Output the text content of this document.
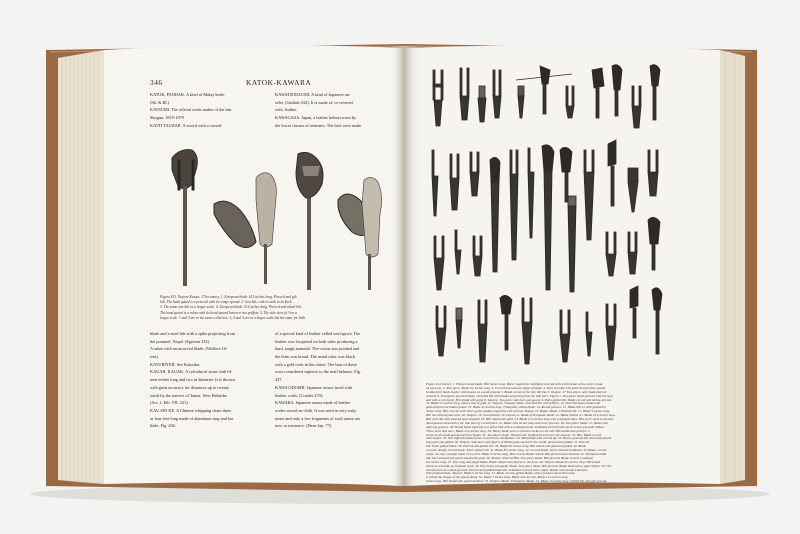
346	KATOK-KAWARA
KATOK, PANDAK. A kind of Malay knife.
(Sk. & Bl.).
KATSUMI. The official mobs maker of the last
Shogun, 1819-1879.
KATTI TALWAR. A sword with a curved
KAWATSUDZUMI. A kind of Japanese an-
selet. (Garbutt 042). It is made of, or covered
with, leather.
KAWAGASA. Japan, a leather helmet worn by
the lower classes of retainers. The best were made
Figure 433. Tanjore Katars, 17th century. 1. European blade 14.5 inches long. Pierced and gilt
hilt. The hand guard is a peacock with its wings spread. 2. Iron hilt, cobra's tails in its knob.
3. The same size hilt as a larger scale. 4. European blade 13.4 inches long. Pierced and inlaid hilt.
The hand guard is a cobra with its hood spread between two griffins. 5. The side view of 3 on a
larger scale. 1 and 3 are in the same collection. 2, 4 and 5 are in a larger scale but the same for both.
blade and a steel hilt with a spike projecting from
the pommel, Nepal. (Egerton 334).
A sabre with an incurved blade. (Wallace Or-
ient).
KATURIYEH. See Katorika.
KAUAH, KAUAK. A cylindrical stone club fif-
teen inches long and two in diameter. It is thrown
with great accuracy for distances up to twenty
yards by the natives of Tanna, New Hebrides
(Arc. f. Eth. VII, 231).
KAU SIN KE. A Chinese whipping chain three
or four feet long made of aluminum ring and bar
links. Fig. 436.
of a special kind of leather called sawi-gawa. The
leather was lacquered on both sides producing a
hard, tough material. The crown was pointed and
the brim was broad. The usual color was black
with a gold crest in the center. The best of these
were considered superior to the mail helmets. Fig.
437.
KAWA ODOSHI. Japanese armor laced with
leather cords. (Conder 270).
KAWARA. Japanese armor made of leather
scales sewed on cloth. It was used in very early
times and only a few fragments of such armor are
now in existence. (Dean Jap. 77).
Figure 434. Katars. 1. Heavy inched blade. Hilt inches long. Rimer edged hilt. Scabbard covered with red brocade with a silver chape
on each leg. 2. Also piece. Blade 6¾ inches long. 3. Curved and unusual shape of blade. 4. Steel crossbar hilt, pierced and silver plated.
Scabbard of black leather with bosses on a gold ground. 5. Blade curved to the left, hilt like 3. Tanjore, 17 Two-piece, only blade pierced
towards 6. Triangular grooved blade, chiselled hilt with blades projecting from the side bars. Figure 7. Two-piece blade pierced with horning
and with a curved tip. Hilt inlaid with gold. 8. Tanjore. Two-piece side bars and guard. 9. Plain gilded hilt. Blade curved and hollow ground.
10. Blade 5¾ inches long, sides a leaf of gold. 11. Tanjore, Triangle blade, chiselled hilt with griffins. 12. Steel European blade with
gold and pierced Indian guard. 13. Blade 4¾ inches long. Triangular ribbed blade. 14. Round grooves. 15. Blade like 12 with gilded 8¾
inches long. Hilt covered with silver gothic gilded, engraved with a flower design. 16. Blade ribbed. Chiselled hilt. 17. Blade 9 inches long.
Hilt has raised gold-work. 18. Tanjore. 19. Sword Katar. 20. Sword. 21. Blade of European blade. 22. Blade ribbed, 21. Blade 10¾ inches long.
Hilt with side bars pierced and chiselled. 23. Hilt inlaid with gold. 24. Blade 15¼ inches long with scalloped sides. Hilt, horn sheet to become
hand-guard connected to the side bars by curved bars. 25. Blade 10¼ inches long with three grooves. 26. Two-piece blade. 27. Blade with
tapering grooves. 28. Broad blade tapering to a point. Hilt with a scalloped knob. Scabbard covered with green velvet and gold ribbon.
Three short side bars. Blade 10¾ inches long. 30. Heavy blade set in a channel socket on the hilt. Hilt inlaid with gold for 4
inches in the hand guard and three hands. 31. Two-piece blade. Hilt pierced. Scabbard covered in the manner. 32. Hilt. Blade curved
with stripes. 33. Two different blade forms 24 and three handlebars. 34. Mild blade with curved tip. 35. Heavy grooved hilt with hand guard.
engraved and gilded. 36. Tanjore. Side bars with figures of Hindu gods carved in the round, pierced and gilded. 37. Pierced
hilt. Plain gilded blade. 38. Pierced and gilded hilt. 39. Blade 8¼ inches long. Hilt inlaid with gold and gilded. 40. Blade
covered, doubly curved blade. Silver plated hilt. 41. Blade 8½ inches long. 42. Curved blade. Silver hilt and scabbard. 43. Blade, curved
shape. 44. Very straight blade of 4¾ inch. Blade 9 inches long. Hilt curved. Blade ribbed. Hilt pierced and chiselled. 45. European blade
hilt, bars and pierced guard inlaid with gold. 46. Tanjore. Pierced Hilt. Two-piece blade. Hilt pierced. Blade curved, scalloped
6¾ inches long. 47. Very long and jingle blade. Blade ribbed with figures in the forte. 48. Tanjore, Blade 6¼ inches long. Hilt inlaid
below to resemble an elephant head. 49. Very heavy triangular blade. Two-piece blade. Hilt pierced. Blade lined with a gold ribbon. 50. Very
with flowers on a black ground. Pierced and gilded blade hilt. Scabbard covered with copper. Blade curved and scalloped.
This pointed blade. Tanjore. Blade 9 inches long. 51. Blade curved, gilded blades with a jasmine decoration that
is called the tongue of the god of death. 52. Blade 7 inches long. Blade with the hilt. Blade 11¾ inches long.
inches long. Hilt inlaid with gold and silver. 53. Tanjore. Blade. Triangular. Blade. 54. Blade 13 inches long. Gilded hilt with gilt ground.
